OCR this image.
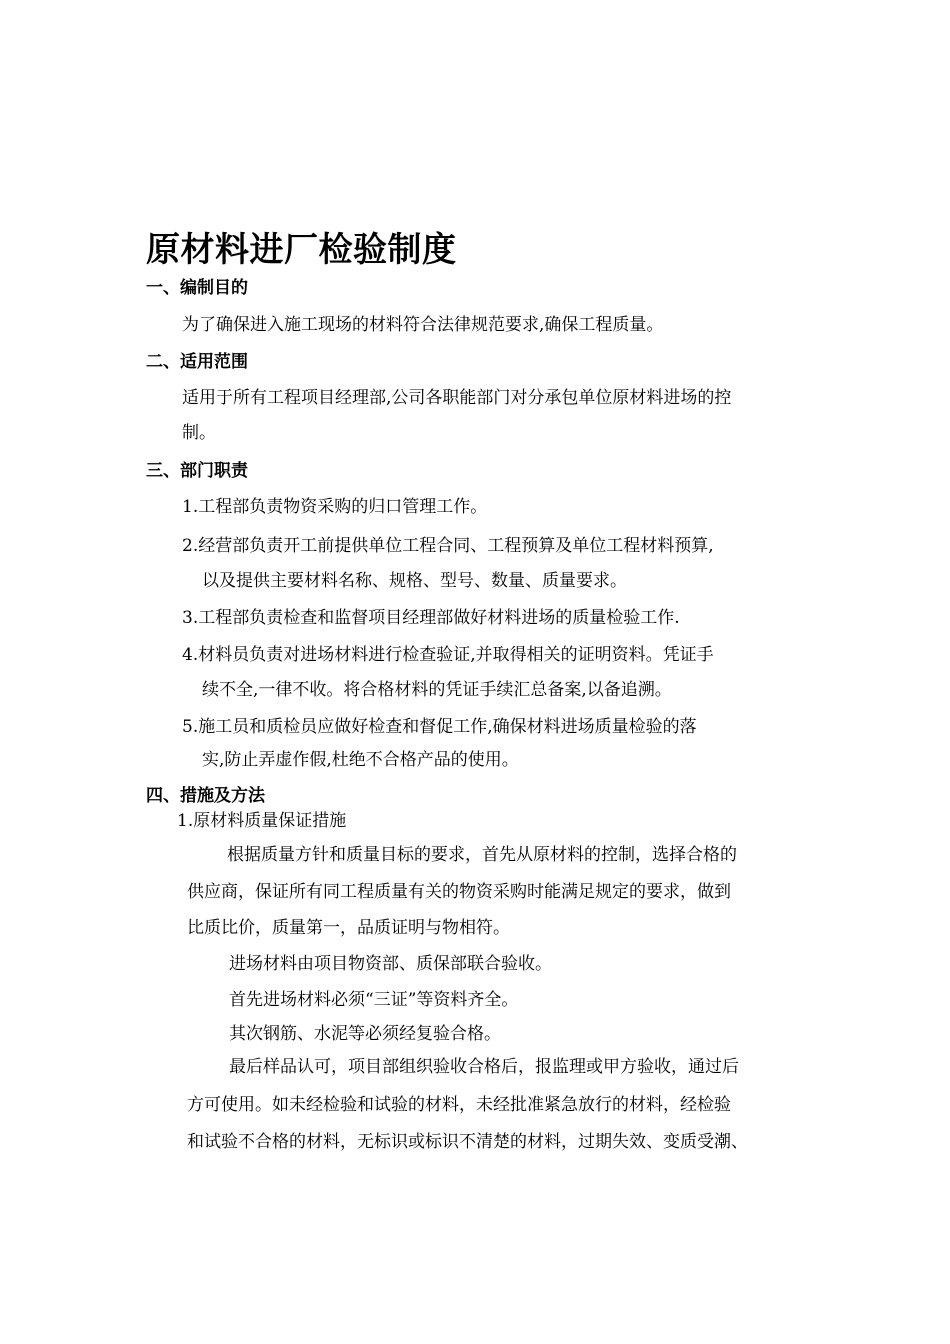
原材料进厂检验制度
一、编制目的
为了确保进入施工现场的材料符合法律规范要求,确保工程质量。
二、适用范围
适用于所有工程项目经理部,公司各职能部门对分承包单位原材料进场的控
制。
三、部门职责
1.工程部负责物资采购的归口管理工作。
2.经营部负责开工前提供单位工程合同、工程预算及单位工程材料预算,
以及提供主要材料名称、规格、型号、数量、质量要求。
3.工程部负责检查和监督项目经理部做好材料进场的质量检验工作.
4.材料员负责对进场材料进行检查验证,并取得相关的证明资料。凭证手
续不全,一律不收。将合格材料的凭证手续汇总备案,以备追溯。
5.施工员和质检员应做好检查和督促工作,确保材料进场质量检验的落
实,防止弄虚作假,杜绝不合格产品的使用。
四、措施及方法
1.原材料质量保证措施
根据质量方针和质量目标的要求，首先从原材料的控制，选择合格的
供应商，保证所有同工程质量有关的物资采购时能满足规定的要求，做到
比质比价，质量第一，品质证明与物相符。
进场材料由项目物资部、质保部联合验收。
首先进场材料必须“三证”等资料齐全。
其次钢筋、水泥等必须经复验合格。
最后样品认可，项目部组织验收合格后，报监理或甲方验收，通过后
方可使用。如未经检验和试验的材料，未经批准紧急放行的材料，经检验
和试验不合格的材料，无标识或标识不清楚的材料，过期失效、变质受潮、
